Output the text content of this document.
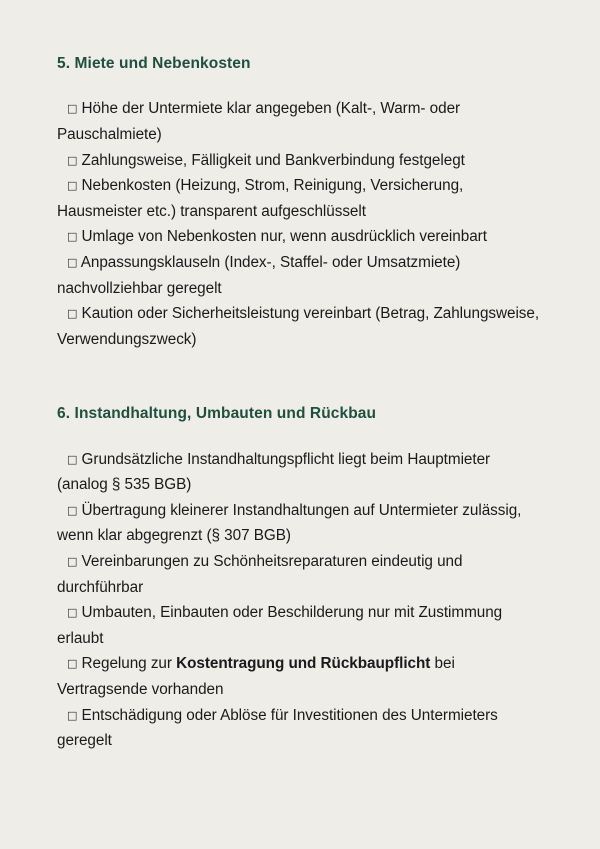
5. Miete und Nebenkosten
□ Höhe der Untermiete klar angegeben (Kalt-, Warm- oder Pauschalmiete)
□ Zahlungsweise, Fälligkeit und Bankverbindung festgelegt
□ Nebenkosten (Heizung, Strom, Reinigung, Versicherung, Hausmeister etc.) transparent aufgeschlüsselt
□ Umlage von Nebenkosten nur, wenn ausdrücklich vereinbart
□ Anpassungsklauseln (Index-, Staffel- oder Umsatzmiete) nachvollziehbar geregelt
□ Kaution oder Sicherheitsleistung vereinbart (Betrag, Zahlungsweise, Verwendungszweck)
6. Instandhaltung, Umbauten und Rückbau
□ Grundsätzliche Instandhaltungspflicht liegt beim Hauptmieter (analog § 535 BGB)
□ Übertragung kleinerer Instandhaltungen auf Untermieter zulässig, wenn klar abgegrenzt (§ 307 BGB)
□ Vereinbarungen zu Schönheitsreparaturen eindeutig und durchführbar
□ Umbauten, Einbauten oder Beschilderung nur mit Zustimmung erlaubt
□ Regelung zur Kostentragung und Rückbaupflicht bei Vertragsende vorhanden
□ Entschädigung oder Ablöse für Investitionen des Untermieters geregelt
